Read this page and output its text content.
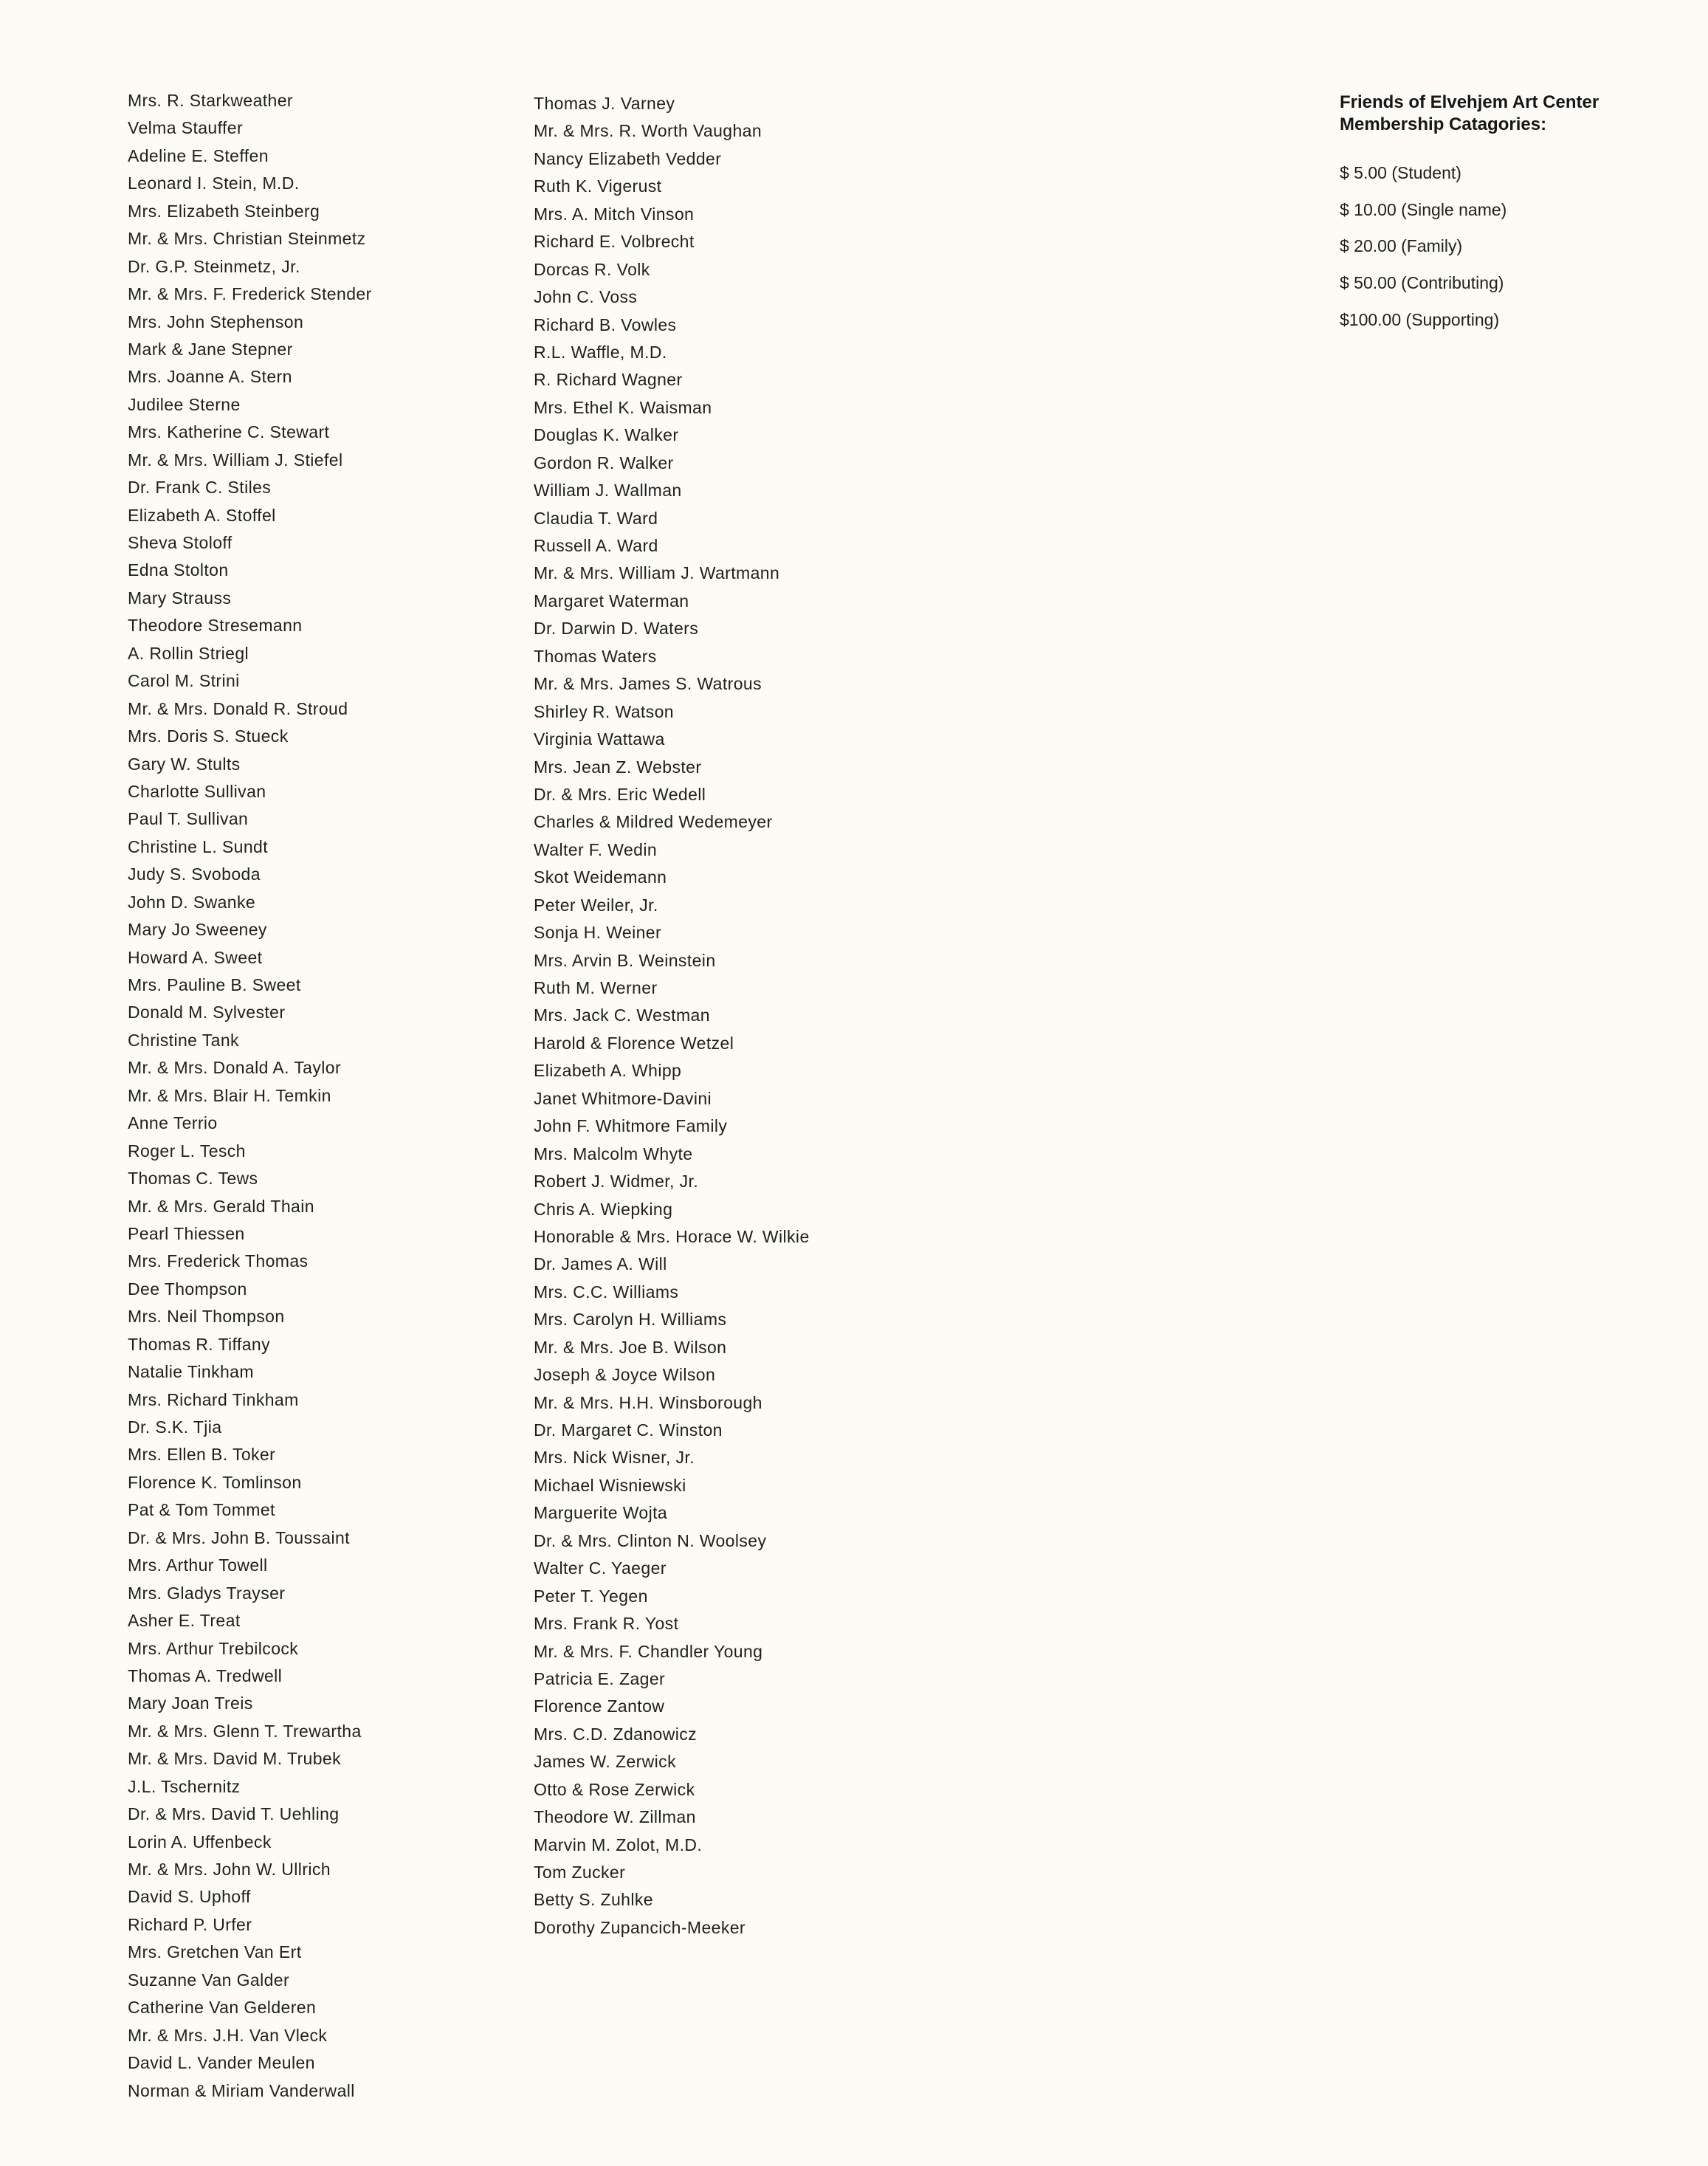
Mrs. R. Starkweather
Velma Stauffer
Adeline E. Steffen
Leonard I. Stein, M.D.
Mrs. Elizabeth Steinberg
Mr. & Mrs. Christian Steinmetz
Dr. G.P. Steinmetz, Jr.
Mr. & Mrs. F. Frederick Stender
Mrs. John Stephenson
Mark & Jane Stepner
Mrs. Joanne A. Stern
Judilee Sterne
Mrs. Katherine C. Stewart
Mr. & Mrs. William J. Stiefel
Dr. Frank C. Stiles
Elizabeth A. Stoffel
Sheva Stoloff
Edna Stolton
Mary Strauss
Theodore Stresemann
A. Rollin Striegl
Carol M. Strini
Mr. & Mrs. Donald R. Stroud
Mrs. Doris S. Stueck
Gary W. Stults
Charlotte Sullivan
Paul T. Sullivan
Christine L. Sundt
Judy S. Svoboda
John D. Swanke
Mary Jo Sweeney
Howard A. Sweet
Mrs. Pauline B. Sweet
Donald M. Sylvester
Christine Tank
Mr. & Mrs. Donald A. Taylor
Mr. & Mrs. Blair H. Temkin
Anne Terrio
Roger L. Tesch
Thomas C. Tews
Mr. & Mrs. Gerald Thain
Pearl Thiessen
Mrs. Frederick Thomas
Dee Thompson
Mrs. Neil Thompson
Thomas R. Tiffany
Natalie Tinkham
Mrs. Richard Tinkham
Dr. S.K. Tjia
Mrs. Ellen B. Toker
Florence K. Tomlinson
Pat & Tom Tommet
Dr. & Mrs. John B. Toussaint
Mrs. Arthur Towell
Mrs. Gladys Trayser
Asher E. Treat
Mrs. Arthur Trebilcock
Thomas A. Tredwell
Mary Joan Treis
Mr. & Mrs. Glenn T. Trewartha
Mr. & Mrs. David M. Trubek
J.L. Tschernitz
Dr. & Mrs. David T. Uehling
Lorin A. Uffenbeck
Mr. & Mrs. John W. Ullrich
David S. Uphoff
Richard P. Urfer
Mrs. Gretchen Van Ert
Suzanne Van Galder
Catherine Van Gelderen
Mr. & Mrs. J.H. Van Vleck
David L. Vander Meulen
Norman & Miriam Vanderwall
Thomas J. Varney
Mr. & Mrs. R. Worth Vaughan
Nancy Elizabeth Vedder
Ruth K. Vigerust
Mrs. A. Mitch Vinson
Richard E. Volbrecht
Dorcas R. Volk
John C. Voss
Richard B. Vowles
R.L. Waffle, M.D.
R. Richard Wagner
Mrs. Ethel K. Waisman
Douglas K. Walker
Gordon R. Walker
William J. Wallman
Claudia T. Ward
Russell A. Ward
Mr. & Mrs. William J. Wartmann
Margaret Waterman
Dr. Darwin D. Waters
Thomas Waters
Mr. & Mrs. James S. Watrous
Shirley R. Watson
Virginia Wattawa
Mrs. Jean Z. Webster
Dr. & Mrs. Eric Wedell
Charles & Mildred Wedemeyer
Walter F. Wedin
Skot Weidemann
Peter Weiler, Jr.
Sonja H. Weiner
Mrs. Arvin B. Weinstein
Ruth M. Werner
Mrs. Jack C. Westman
Harold & Florence Wetzel
Elizabeth A. Whipp
Janet Whitmore-Davini
John F. Whitmore Family
Mrs. Malcolm Whyte
Robert J. Widmer, Jr.
Chris A. Wiepking
Honorable & Mrs. Horace W. Wilkie
Dr. James A. Will
Mrs. C.C. Williams
Mrs. Carolyn H. Williams
Mr. & Mrs. Joe B. Wilson
Joseph & Joyce Wilson
Mr. & Mrs. H.H. Winsborough
Dr. Margaret C. Winston
Mrs. Nick Wisner, Jr.
Michael Wisniewski
Marguerite Wojta
Dr. & Mrs. Clinton N. Woolsey
Walter C. Yaeger
Peter T. Yegen
Mrs. Frank R. Yost
Mr. & Mrs. F. Chandler Young
Patricia E. Zager
Florence Zantow
Mrs. C.D. Zdanowicz
James W. Zerwick
Otto & Rose Zerwick
Theodore W. Zillman
Marvin M. Zolot, M.D.
Tom Zucker
Betty S. Zuhlke
Dorothy Zupancich-Meeker
Friends of Elvehjem Art Center
Membership Catagories:
$ 5.00 (Student)
$ 10.00 (Single name)
$ 20.00 (Family)
$ 50.00 (Contributing)
$100.00 (Supporting)
